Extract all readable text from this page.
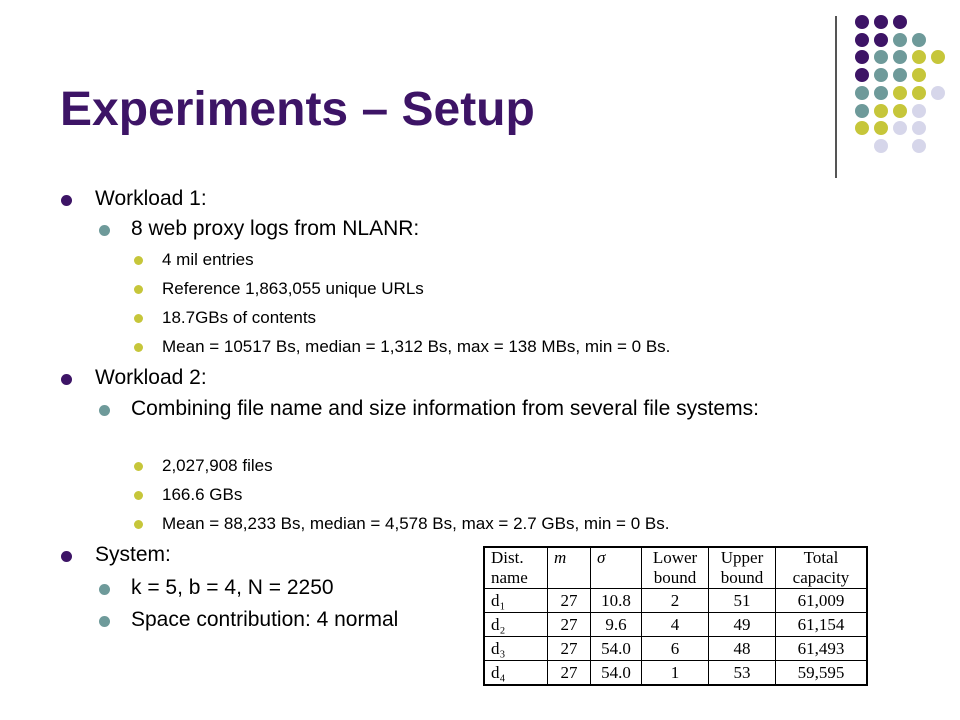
Experiments – Setup
Workload 1:
8 web proxy logs from NLANR:
4 mil entries
Reference 1,863,055 unique URLs
18.7GBs of contents
Mean = 10517 Bs, median = 1,312 Bs, max = 138 MBs, min = 0 Bs.
Workload 2:
Combining file name and size information from several file systems:
2,027,908 files
166.6 GBs
Mean = 88,233 Bs, median = 4,578 Bs, max = 2.7 GBs, min = 0 Bs.
System:
k = 5, b = 4, N = 2250
Space contribution: 4 normal
Dist. name	m	σ	Lower bound	Upper bound	Total capacity
d₁	27	10.8	2	51	61,009
d₂	27	9.6	4	49	61,154
d₃	27	54.0	6	48	61,493
d₄	27	54.0	1	53	59,595
